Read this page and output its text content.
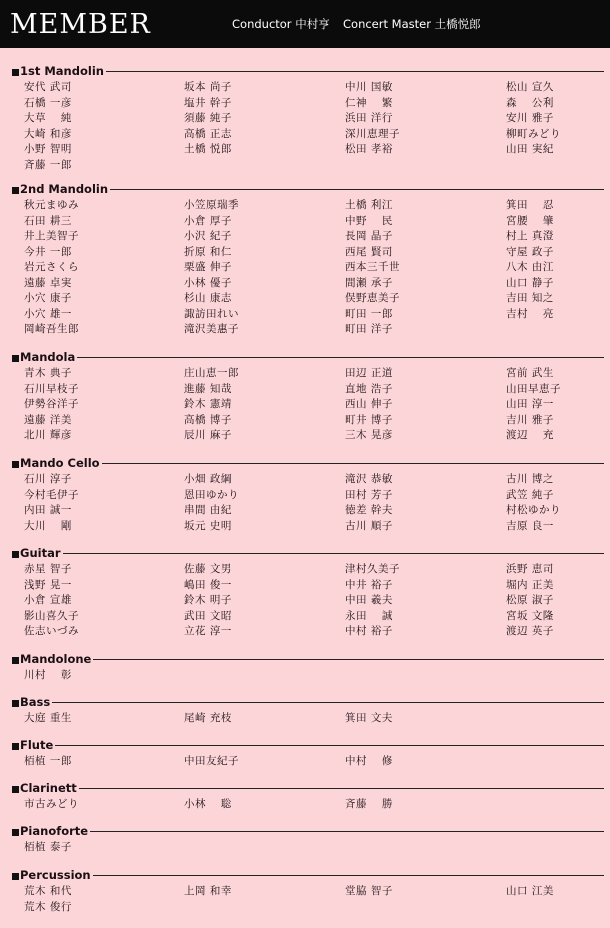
MEMBER	Conductor 中村亨 Concert Master 土橋悦郎
1st Mandolin
安代 武司	坂本 尚子	中川 国敏	松山 宣久
石橋 一彦	塩井 幹子	仁神　 繁	森　 公利
大草　 純	須藤 純子	浜田 洋行	安川 雅子
大崎 和彦	高橋 正志	深川恵理子	柳町みどり
小野 智明	土橋 悦郎	松田 孝裕	山田 実紀
斉藤 一郎
2nd Mandolin
秋元まゆみ	小笠原瑞季	土橋 利江	箕田　 忍
石田 耕三	小倉 厚子	中野　 民	宮腰　 肇
井上美智子	小沢 紀子	長岡 晶子	村上 真澄
今井 一郎	折原 和仁	西尾 賢司	守屋 政子
岩元さくら	栗盛 伸子	西本三千世	八木 由江
遠藤 卓実	小林 優子	間瀬 承子	山口 静子
小穴 康子	杉山 康志	俣野恵美子	吉田 知之
小穴 雄一	諏訪田れい	町田 一郎	吉村　 亮
岡崎吾生郎	滝沢美惠子	町田 洋子
Mandola
青木 典子	庄山恵一郎	田辺 正道	宮前 武生
石川早枝子	進藤 知哉	直地 浩子	山田早恵子
伊勢谷洋子	鈴木 憲靖	西山 伸子	山田 淳一
遠藤 洋美	高橋 博子	町井 博子	吉川 雅子
北川 輝彦	辰川 麻子	三木 晃彦	渡辺　 充
Mando Cello
石川 淳子	小畑 政綱	滝沢 恭敏	古川 博之
今村毛伊子	恩田ゆかり	田村 芳子	武笠 純子
内田 誠一	串間 由紀	徳差 幹夫	村松ゆかり
大川　 剛	坂元 史明	古川 順子	吉原 良一
Guitar
赤星 智子	佐藤 文男	津村久美子	浜野 恵司
浅野 晃一	嶋田 俊一	中井 裕子	堀内 正美
小倉 宣雄	鈴木 明子	中田 羲夫	松原 淑子
影山喜久子	武田 文昭	永田　 誠	宮坂 文隆
佐志いづみ	立花 淳一	中村 裕子	渡辺 英子
Mandolone
川村　 彰
Bass
大庭 重生	尾崎 充枝	箕田 文夫
Flute
栢植 一郎	中田友紀子	中村　 修
Clarinett
市古みどり	小林　 聡	斉藤　 勝
Pianoforte
栢植 泰子
Percussion
荒木 和代	上岡 和幸	堂脇 智子	山口 江美
荒木 俊行
